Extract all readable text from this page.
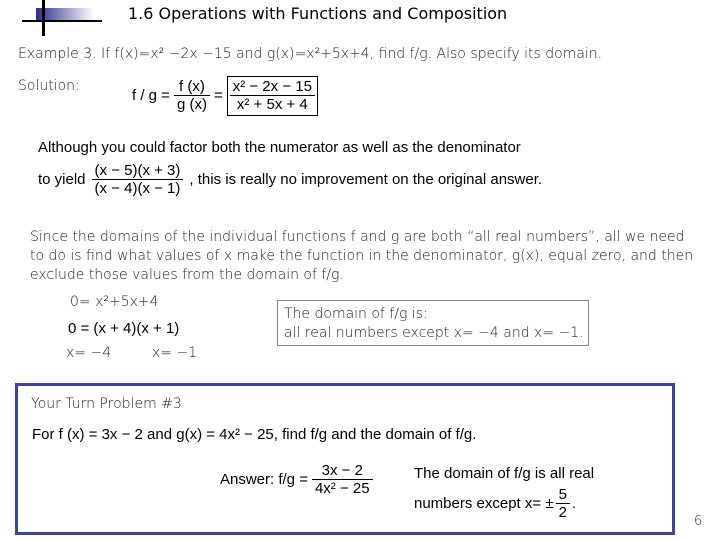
1.6 Operations with Functions and Composition
Example 3. If f(x)=x² −2x −15 and g(x)=x²+5x+4, find f/g. Also specify its domain.
Solution:
$f / g = \frac{f (x)}{g (x)} = \frac{\text{x² − 2x − 15}}{\text{x² + 5x + 4}}$
Although you could factor both the numerator as well as the denominator
to yield $\frac{(x - 5)(x + 3)}{(x - 4)(x - 1)}$ , this is really no improvement on the original answer.
Since the domains of the individual functions f and g are both “all real numbers”, all we need to do is find what values of x make the function in the denominator, g(x), equal zero, and then exclude those values from the domain of f/g.
0= x²+5x+4
0 = (x + 4)(x + 1)
x= −4	x= −1
The domain of f/g is:
all real numbers except x= −4 and x= −1.
Your Turn Problem #3
For f (x) = 3x − 2 and g(x) = 4x² − 25, find f/g and the domain of f/g.
Answer: $f/g = \frac{3x - 2}{\text{4x² − 25}}$	The domain of f/g is all real
numbers except $x= \pm \frac{5}{2}$ .
6
